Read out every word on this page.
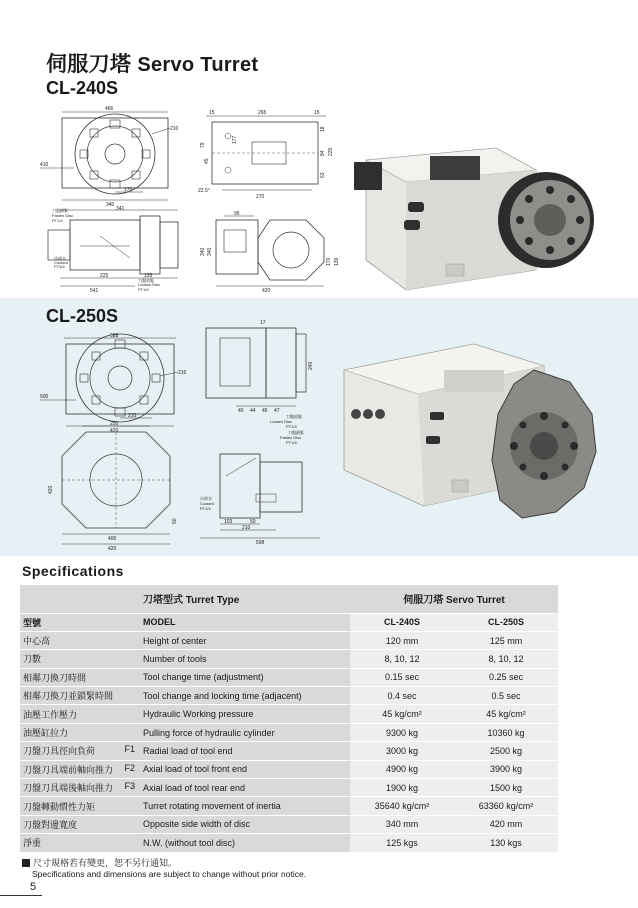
伺服刀塔 Servo Turret
CL-240S
466
410
210
170
340
341
刀盤鎖緊
Fasten Disc
PT1/4
冷卻水
Coolant
PT3/4
刀盤放鬆
Loosen Disc
PT1/4
225	133
541
15	265	15
79
45
177
18
225
84
63
22.5°
270
95
340 340
170 139
420
CL-250S
588
500
216
210
420
250
420
50
400
420
17
240
40 44 45 47
刀盤放鬆
Loosen Disc
PT1/4
刀盤鎖緊
Fasten Disc
PT1/4
冷卻水
Coolant
PT1/4
103	50
210
598
Specifications
	刀塔型式 Turret Type	伺服刀塔 Servo Turret	
型號	MODEL	CL-240S	CL-250S
中心高	Height of center	120 mm	125 mm
刀數	Number of tools	8, 10, 12	8, 10, 12
相鄰刀換刀時間	Tool change time (adjustment)	0.15 sec	0.25 sec
相鄰刀換刀並鎖緊時間	Tool change and locking time (adjacent)	0.4 sec	0.5 sec
油壓工作壓力	Hydraulic Working pressure	45 kg/cm²	45 kg/cm²
油壓缸拉力	Pulling force of hydraulic cylinder	9300 kg	10360 kg
刀盤刀具徑向負荷 F1	Radial load of tool end	3000 kg	2500 kg
刀盤刀具端前軸向推力 F2	Axial load of tool front end	4900 kg	3900 kg
刀盤刀具端後軸向推力 F3	Axial load of tool rear end	1900 kg	1500 kg
刀盤轉動慣性力矩	Turret rotating movement of inertia	35640 kg/cm²	63360 kg/cm²
刀盤對邊寬度	Opposite side width of disc	340 mm	420 mm
淨重	N.W. (without tool disc)	125 kgs	130 kgs
尺寸規格若有變更，恕不另行通知。
Specifications and dimensions are subject to change without prior notice.
5
